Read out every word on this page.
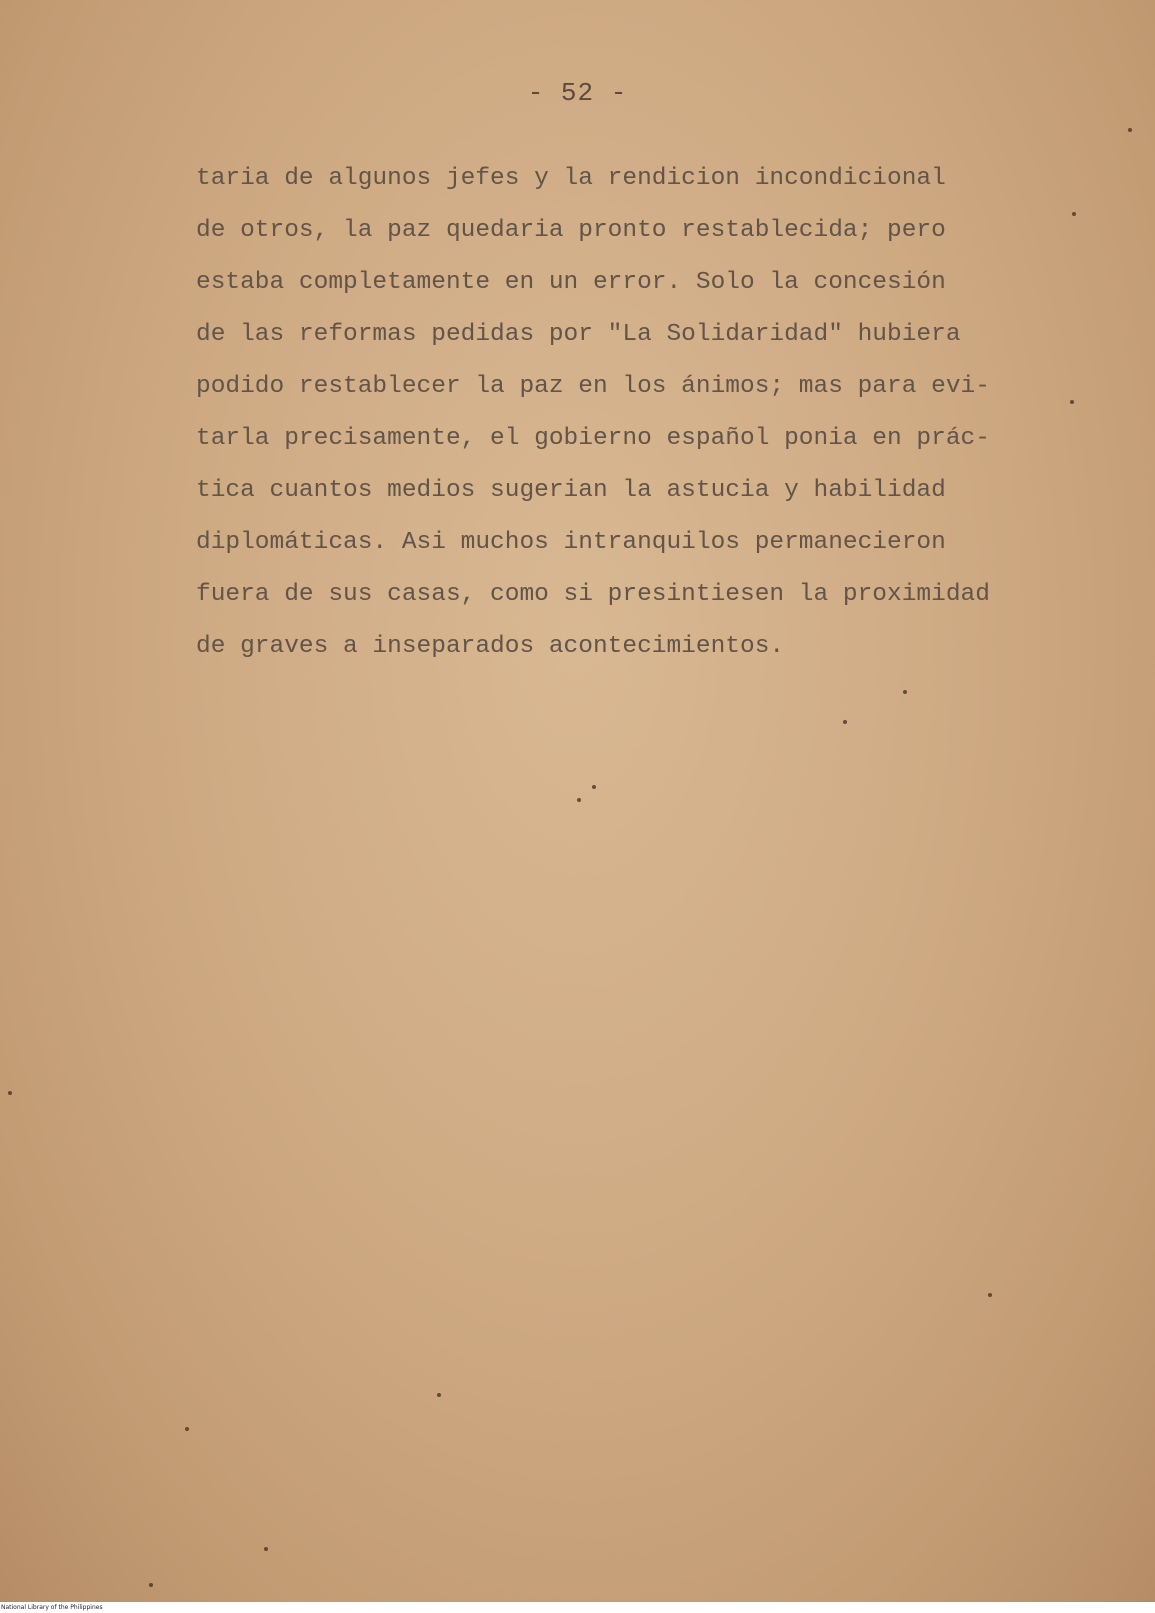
- 52 -
taria de algunos jefes y la rendicion incondicional
de otros, la paz quedaria pronto restablecida; pero
estaba completamente en un error. Solo la concesión
de las reformas pedidas por "La Solidaridad" hubiera
podido restablecer la paz en los ánimos; mas para evi-
tarla precisamente, el gobierno español ponia en prác-
tica cuantos medios sugerian la astucia y habilidad
diplomáticas. Asi muchos intranquilos permanecieron
fuera de sus casas, como si presintiesen la proximidad
de graves a inseparados acontecimientos.
National Library of the Philippines
